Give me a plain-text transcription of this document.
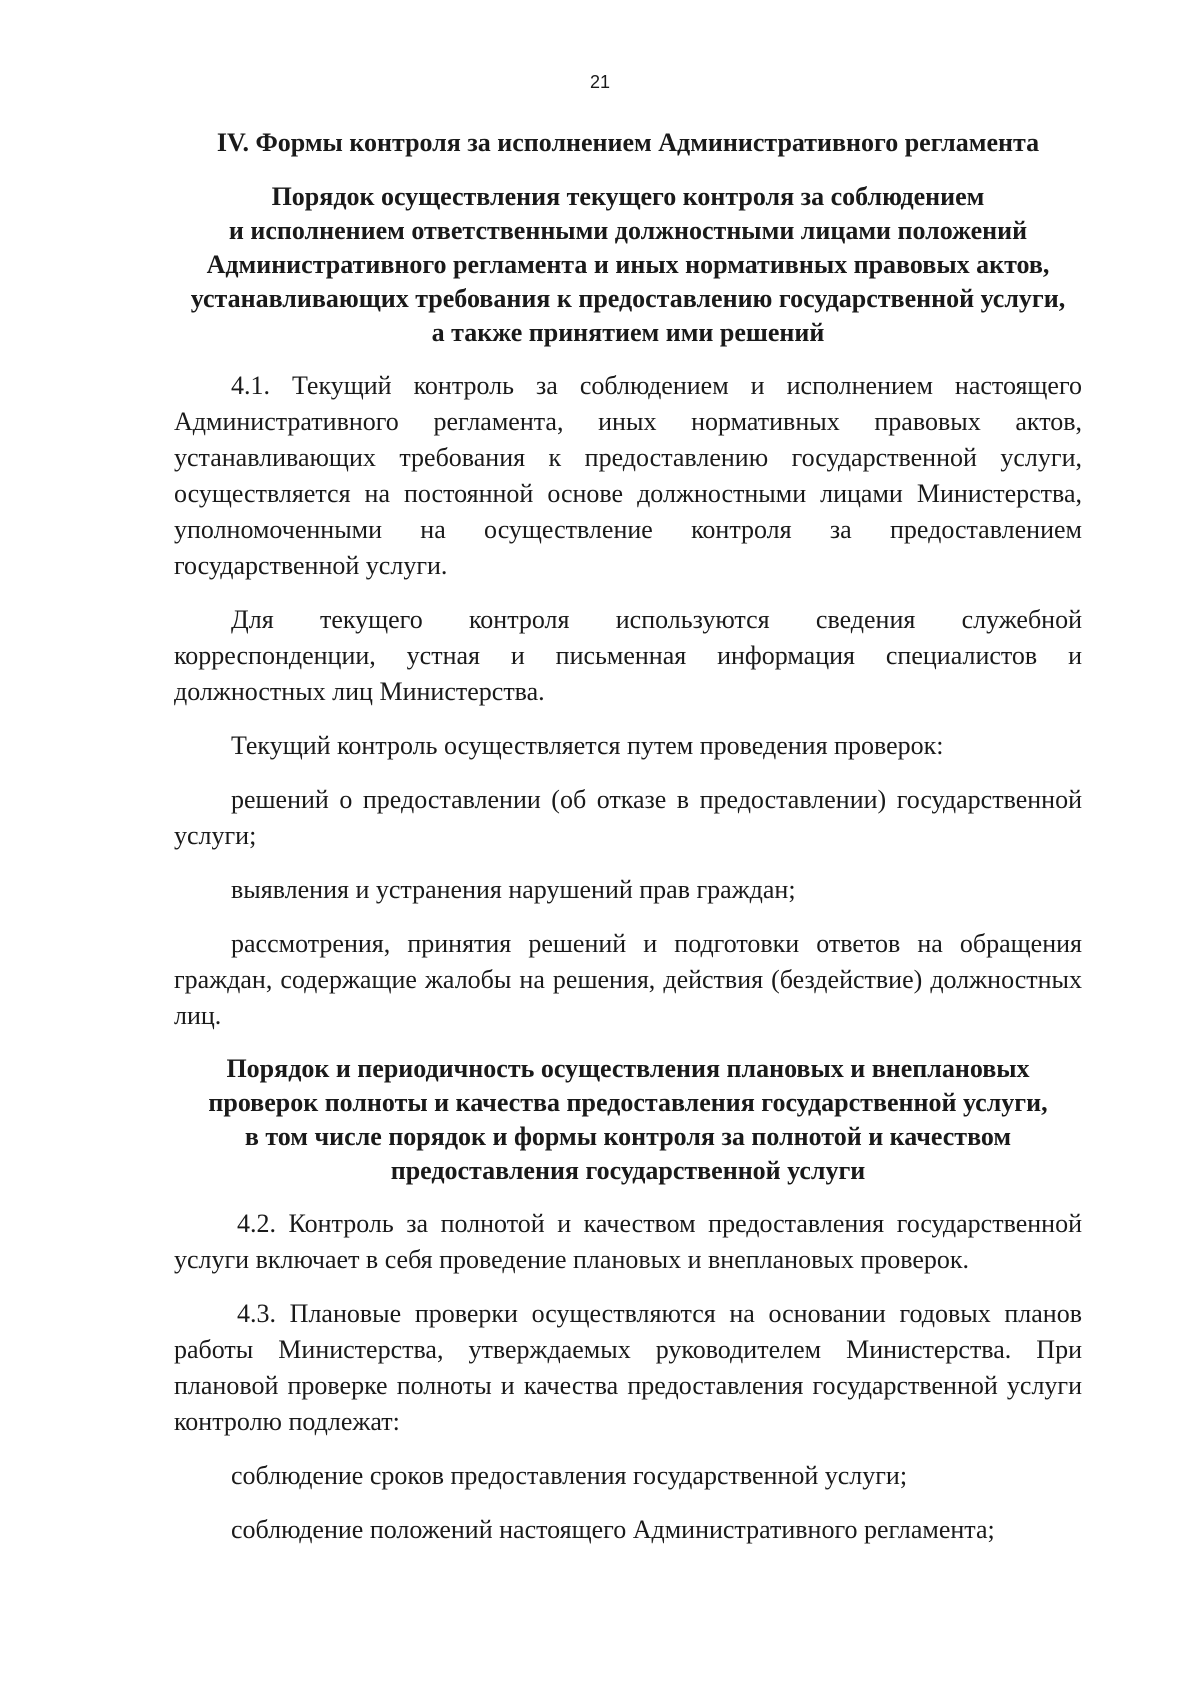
21
IV. Формы контроля за исполнением Административного регламента
Порядок осуществления текущего контроля за соблюдением
и исполнением ответственными должностными лицами положений
Административного регламента и иных нормативных правовых актов,
устанавливающих требования к предоставлению государственной услуги,
а также принятием ими решений

4.1. Текущий контроль за соблюдением и исполнением настоящего Административного регламента, иных нормативных правовых актов, устанавливающих требования к предоставлению государственной услуги, осуществляется на постоянной основе должностными лицами Министерства, уполномоченными на осуществление контроля за предоставлением государственной услуги.

Для текущего контроля используются сведения служебной корреспонденции, устная и письменная информация специалистов и должностных лиц Министерства.

Текущий контроль осуществляется путем проведения проверок:

решений о предоставлении (об отказе в предоставлении) государственной услуги;

выявления и устранения нарушений прав граждан;

рассмотрения, принятия решений и подготовки ответов на обращения граждан, содержащие жалобы на решения, действия (бездействие) должностных лиц.

Порядок и периодичность осуществления плановых и внеплановых
проверок полноты и качества предоставления государственной услуги,
в том числе порядок и формы контроля за полнотой и качеством
предоставления государственной услуги

4.2. Контроль за полнотой и качеством предоставления государственной услуги включает в себя проведение плановых и внеплановых проверок.

4.3. Плановые проверки осуществляются на основании годовых планов работы Министерства, утверждаемых руководителем Министерства. При плановой проверке полноты и качества предоставления государственной услуги контролю подлежат:

соблюдение сроков предоставления государственной услуги;

соблюдение положений настоящего Административного регламента;
